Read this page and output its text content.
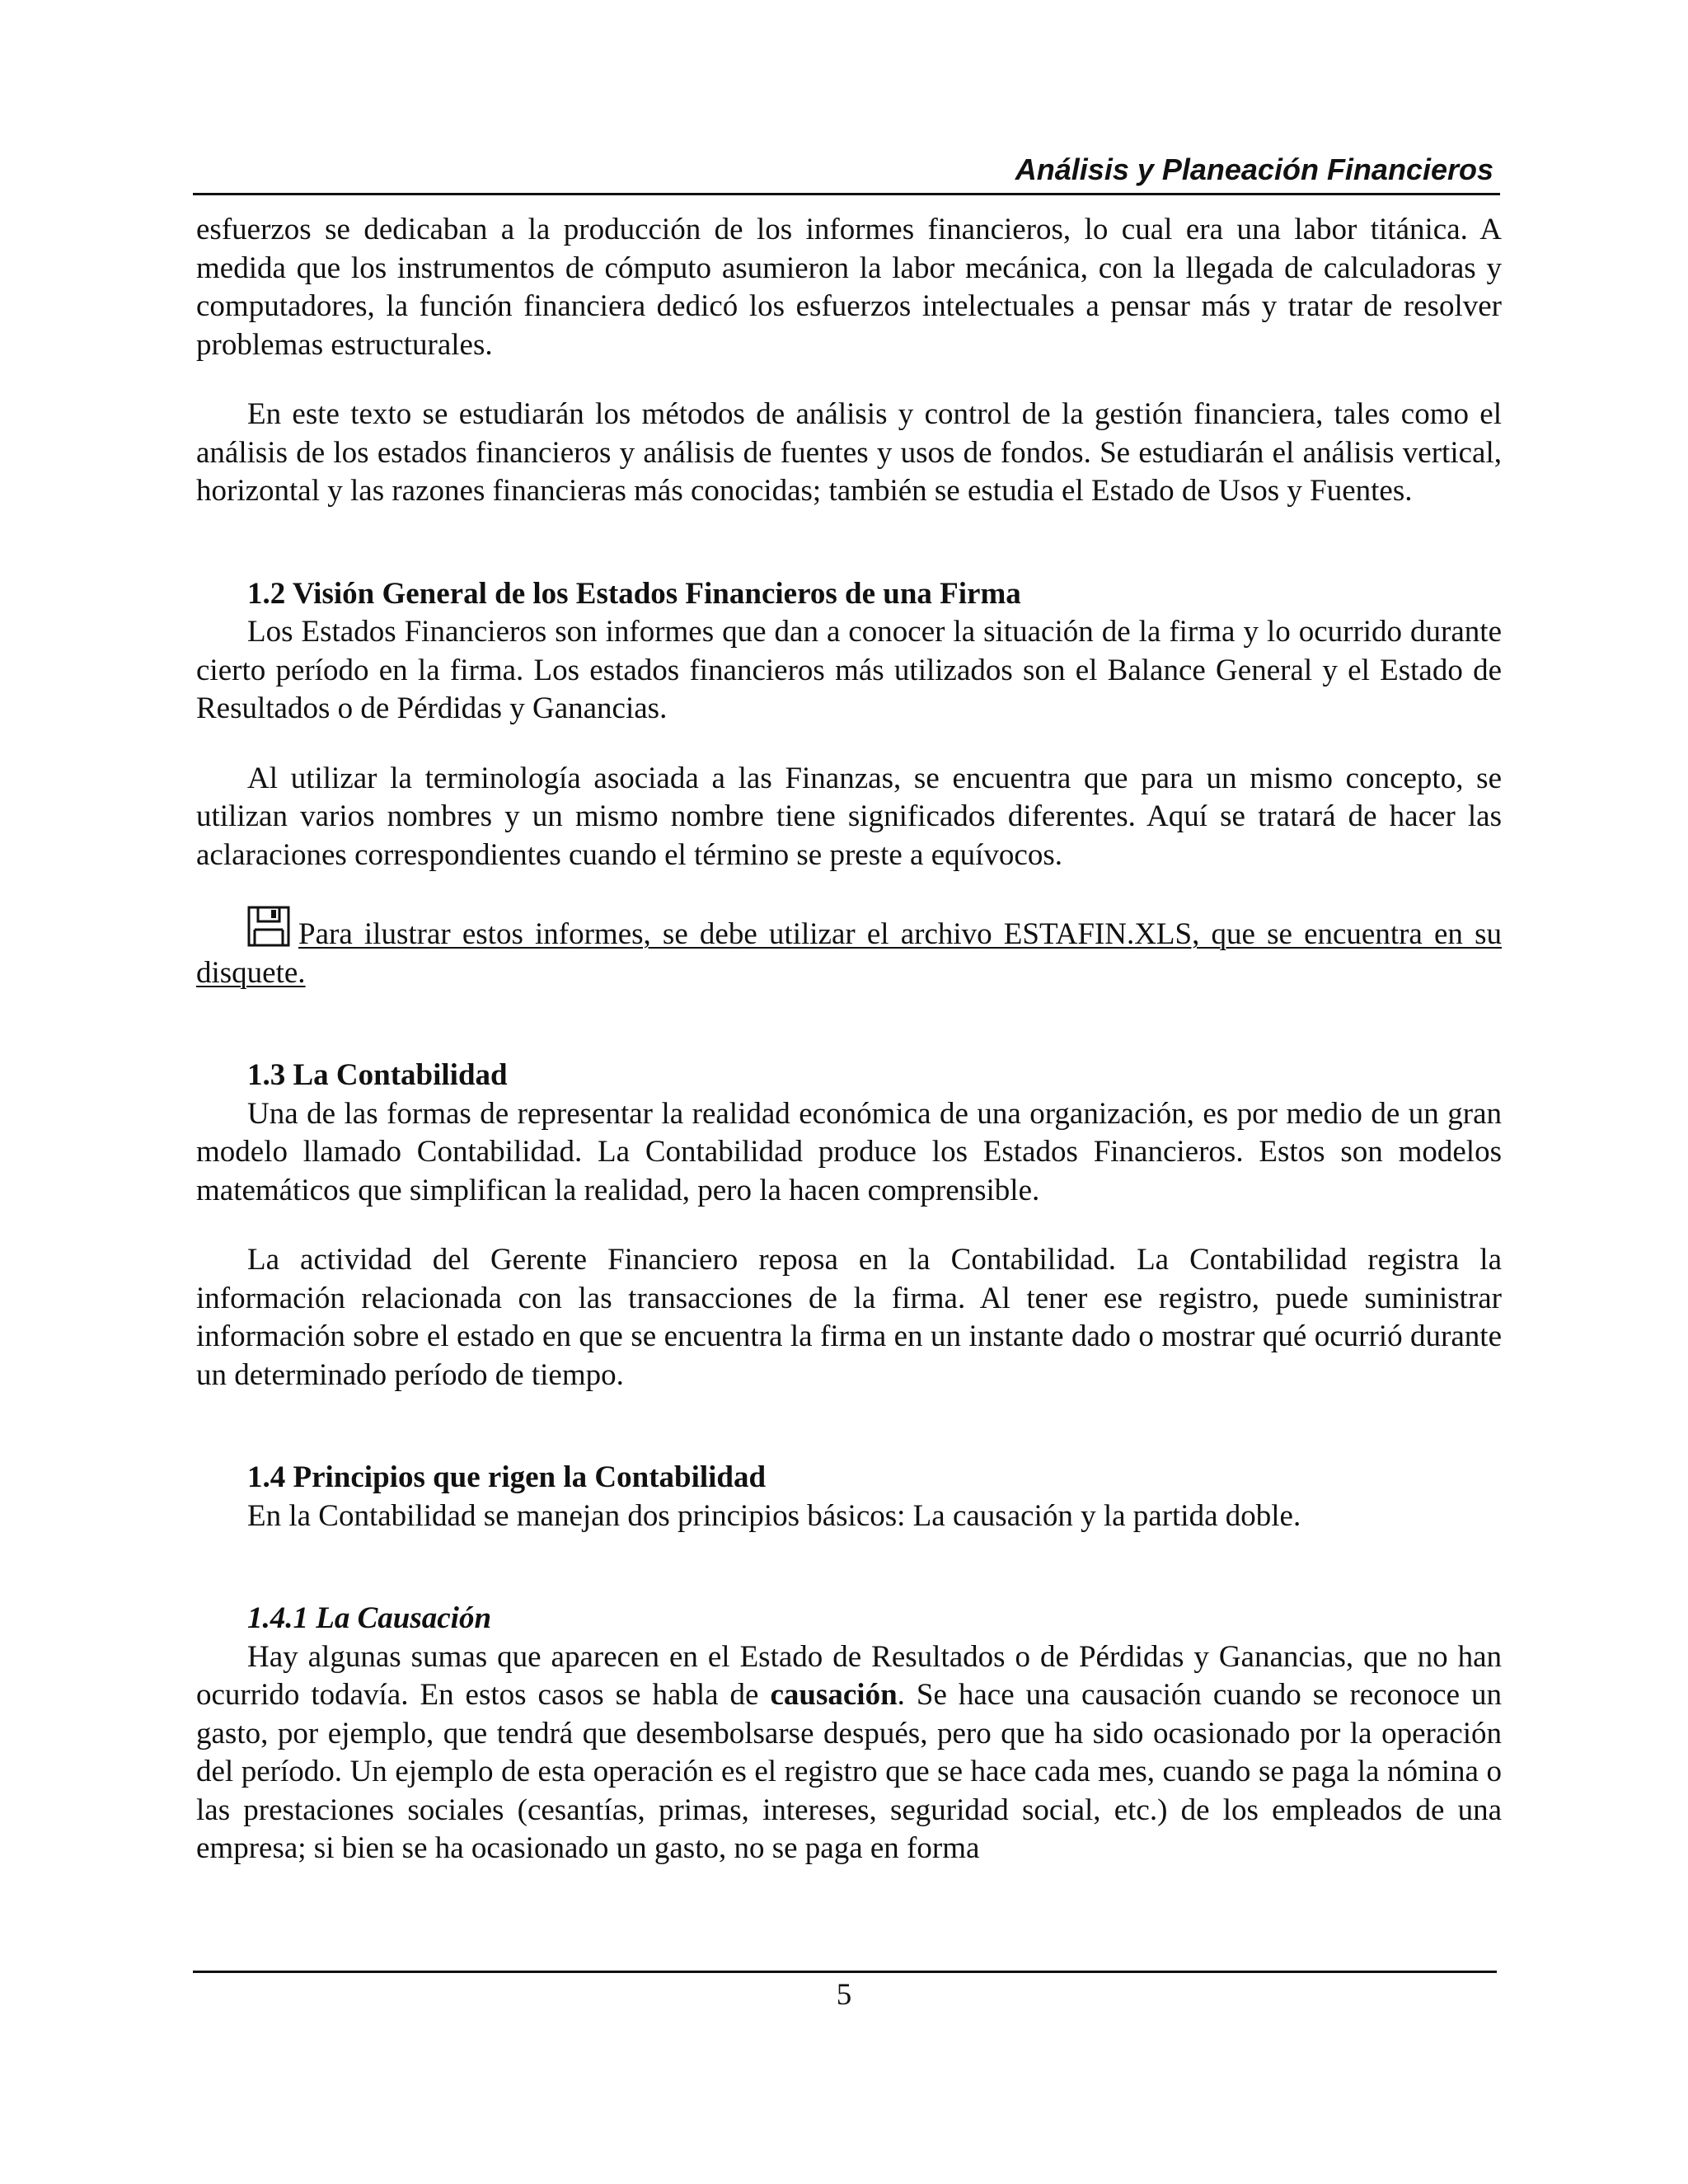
Análisis y Planeación Financieros

esfuerzos se dedicaban a la producción de los informes financieros, lo cual era una labor titánica. A medida que los instrumentos de cómputo asumieron la labor mecánica, con la llegada de calculadoras y computadores, la función financiera dedicó los esfuerzos intelectuales a pensar más y tratar de resolver problemas estructurales.

En este texto se estudiarán los métodos de análisis y control de la gestión financiera, tales como el análisis de los estados financieros y análisis de fuentes y usos de fondos. Se estudiarán el análisis vertical, horizontal y las razones financieras más conocidas; también se estudia el Estado de Usos y Fuentes.

1.2 Visión General de los Estados Financieros de una Firma

Los Estados Financieros son informes que dan a conocer la situación de la firma y lo ocurrido durante cierto período en la firma. Los estados financieros más utilizados son el Balance General y el Estado de Resultados o de Pérdidas y Ganancias.

Al utilizar la terminología asociada a las Finanzas, se encuentra que para un mismo concepto, se utilizan varios nombres y un mismo nombre tiene significados diferentes. Aquí se tratará de hacer las aclaraciones correspondientes cuando el término se preste a equívocos.

Para ilustrar estos informes, se debe utilizar el archivo ESTAFIN.XLS, que se encuentra en su disquete.

1.3 La Contabilidad

Una de las formas de representar la realidad económica de una organización, es por medio de un gran modelo llamado Contabilidad. La Contabilidad produce los Estados Financieros. Estos son modelos matemáticos que simplifican la realidad, pero la hacen comprensible.

La actividad del Gerente Financiero reposa en la Contabilidad. La Contabilidad registra la información relacionada con las transacciones de la firma. Al tener ese registro, puede suministrar información sobre el estado en que se encuentra la firma en un instante dado o mostrar qué ocurrió durante un determinado período de tiempo.

1.4 Principios que rigen la Contabilidad

En la Contabilidad se manejan dos principios básicos: La causación y la partida doble.

1.4.1 La Causación

Hay algunas sumas que aparecen en el Estado de Resultados o de Pérdidas y Ganancias, que no han ocurrido todavía. En estos casos se habla de causación. Se hace una causación cuando se reconoce un gasto, por ejemplo, que tendrá que desembolsarse después, pero que ha sido ocasionado por la operación del período. Un ejemplo de esta operación es el registro que se hace cada mes, cuando se paga la nómina o las prestaciones sociales (cesantías, primas, intereses, seguridad social, etc.) de los empleados de una empresa; si bien se ha ocasionado un gasto, no se paga en forma

5
